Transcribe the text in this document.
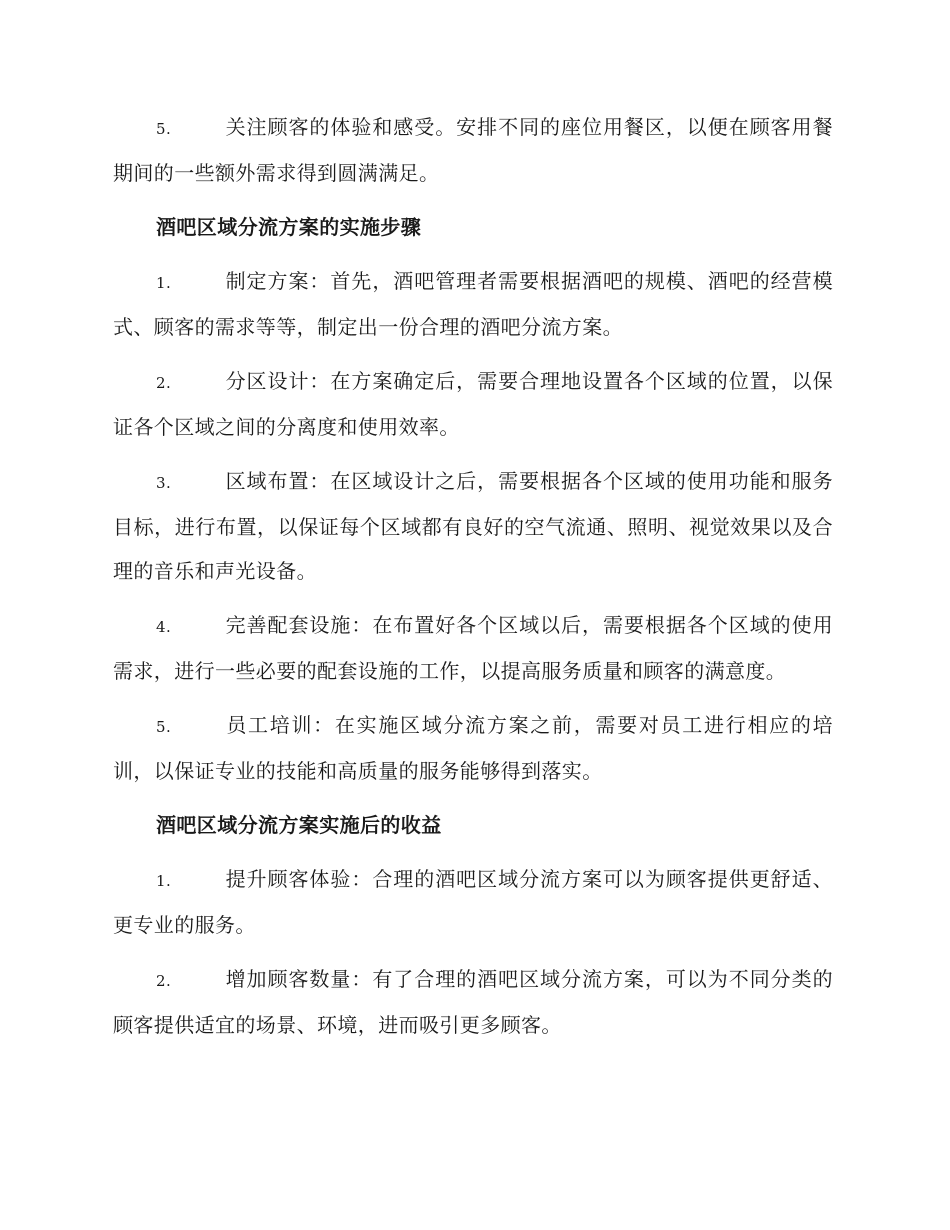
5.	关注顾客的体验和感受。安排不同的座位用餐区，以便在顾客用餐期间的一些额外需求得到圆满满足。

酒吧区域分流方案的实施步骤

1.	制定方案：首先，酒吧管理者需要根据酒吧的规模、酒吧的经营模式、顾客的需求等等，制定出一份合理的酒吧分流方案。

2.	分区设计：在方案确定后，需要合理地设置各个区域的位置，以保证各个区域之间的分离度和使用效率。

3.	区域布置：在区域设计之后，需要根据各个区域的使用功能和服务目标，进行布置，以保证每个区域都有良好的空气流通、照明、视觉效果以及合理的音乐和声光设备。

4.	完善配套设施：在布置好各个区域以后，需要根据各个区域的使用需求，进行一些必要的配套设施的工作，以提高服务质量和顾客的满意度。

5.	员工培训：在实施区域分流方案之前，需要对员工进行相应的培训，以保证专业的技能和高质量的服务能够得到落实。

酒吧区域分流方案实施后的收益

1.	提升顾客体验：合理的酒吧区域分流方案可以为顾客提供更舒适、更专业的服务。

2.	增加顾客数量：有了合理的酒吧区域分流方案，可以为不同分类的顾客提供适宜的场景、环境，进而吸引更多顾客。
